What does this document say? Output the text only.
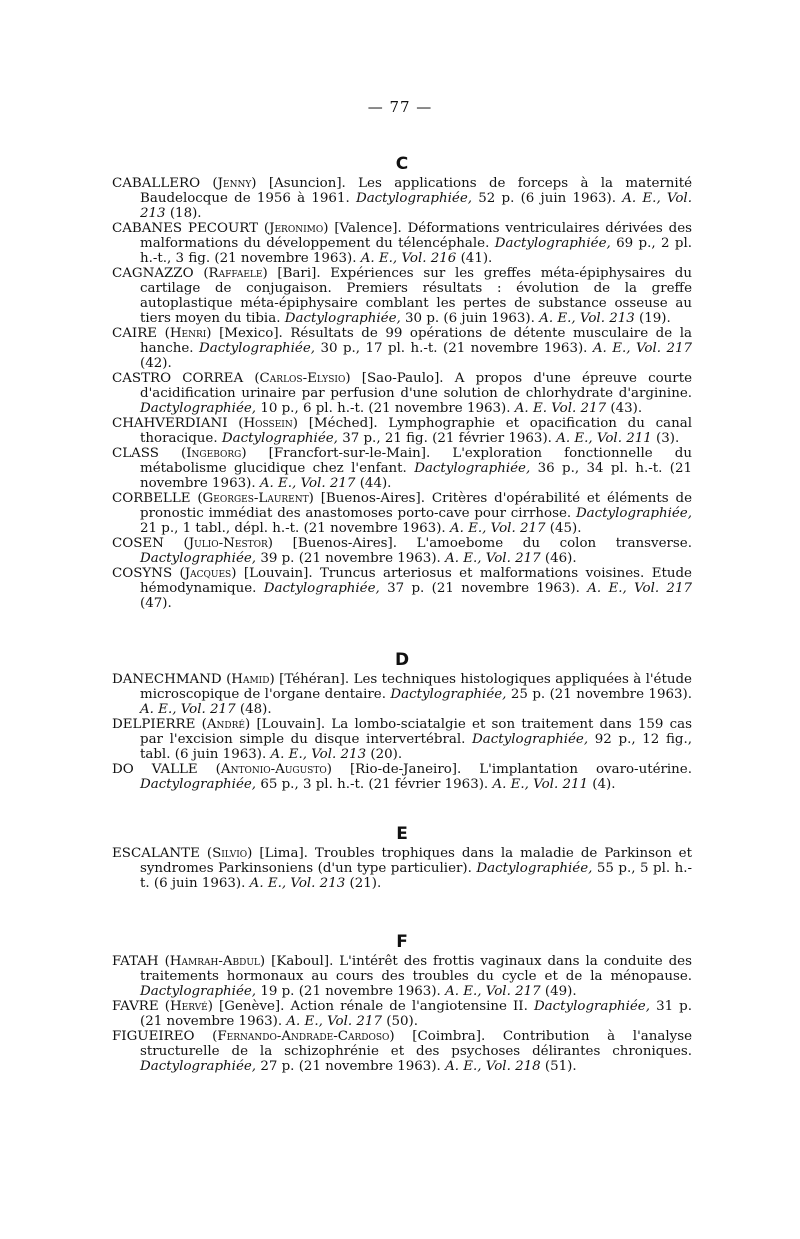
— 77 —
C

CABALLERO (Jenny) [Asuncion]. Les applications de forceps à la maternité Baudelocque de 1956 à 1961. Dactylographiée, 52 p. (6 juin 1963). A. E., Vol. 213 (18).

CABANES PECOURT (Jeronimo) [Valence]. Déformations ventriculaires dérivées des malformations du développement du télencéphale. Dactylographiée, 69 p., 2 pl. h.-t., 3 fig. (21 novembre 1963). A. E., Vol. 216 (41).

CAGNAZZO (Raffaele) [Bari]. Expériences sur les greffes méta-épiphysaires du cartilage de conjugaison. Premiers résultats : évolution de la greffe autoplastique méta-épiphysaire comblant les pertes de substance osseuse au tiers moyen du tibia. Dactylographiée, 30 p. (6 juin 1963). A. E., Vol. 213 (19).

CAIRE (Henri) [Mexico]. Résultats de 99 opérations de détente musculaire de la hanche. Dactylographiée, 30 p., 17 pl. h.-t. (21 novembre 1963). A. E., Vol. 217 (42).

CASTRO CORREA (Carlos-Elysio) [Sao-Paulo]. A propos d'une épreuve courte d'acidification urinaire par perfusion d'une solution de chlorhydrate d'arginine. Dactylographiée, 10 p., 6 pl. h.-t. (21 novembre 1963). A. E. Vol. 217 (43).

CHAHVERDIANI (Hossein) [Méched]. Lymphographie et opacification du canal thoracique. Dactylographiée, 37 p., 21 fig. (21 février 1963). A. E., Vol. 211 (3).

CLASS (Ingeborg) [Francfort-sur-le-Main]. L'exploration fonctionnelle du métabolisme glucidique chez l'enfant. Dactylographiée, 36 p., 34 pl. h.-t. (21 novembre 1963). A. E., Vol. 217 (44).

CORBELLE (Georges-Laurent) [Buenos-Aires]. Critères d'opérabilité et éléments de pronostic immédiat des anastomoses porto-cave pour cirrhose. Dactylographiée, 21 p., 1 tabl., dépl. h.-t. (21 novembre 1963). A. E., Vol. 217 (45).

COSEN (Julio-Nestor) [Buenos-Aires]. L'amoebome du colon transverse. Dactylographiée, 39 p. (21 novembre 1963). A. E., Vol. 217 (46).

COSYNS (Jacques) [Louvain]. Truncus arteriosus et malformations voisines. Etude hémodynamique. Dactylographiée, 37 p. (21 novembre 1963). A. E., Vol. 217 (47).

D

DANECHMAND (Hamid) [Téhéran]. Les techniques histologiques appliquées à l'étude microscopique de l'organe dentaire. Dactylographiée, 25 p. (21 novembre 1963). A. E., Vol. 217 (48).

DELPIERRE (André) [Louvain]. La lombo-sciatalgie et son traitement dans 159 cas par l'excision simple du disque intervertébral. Dactylographiée, 92 p., 12 fig., tabl. (6 juin 1963). A. E., Vol. 213 (20).

DO VALLE (Antonio-Augusto) [Rio-de-Janeiro]. L'implantation ovaro-utérine. Dactylographiée, 65 p., 3 pl. h.-t. (21 février 1963). A. E., Vol. 211 (4).

E

ESCALANTE (Silvio) [Lima]. Troubles trophiques dans la maladie de Parkinson et syndromes Parkinsoniens (d'un type particulier). Dactylographiée, 55 p., 5 pl. h.-t. (6 juin 1963). A. E., Vol. 213 (21).

F

FATAH (Hamrah-Abdul) [Kaboul]. L'intérêt des frottis vaginaux dans la conduite des traitements hormonaux au cours des troubles du cycle et de la ménopause. Dactylographiée, 19 p. (21 novembre 1963). A. E., Vol. 217 (49).

FAVRE (Hervé) [Genève]. Action rénale de l'angiotensine II. Dactylographiée, 31 p. (21 novembre 1963). A. E., Vol. 217 (50).

FIGUEIREO (Fernando-Andrade-Cardoso) [Coimbra]. Contribution à l'analyse structurelle de la schizophrénie et des psychoses délirantes chroniques. Dactylographiée, 27 p. (21 novembre 1963). A. E., Vol. 218 (51).
